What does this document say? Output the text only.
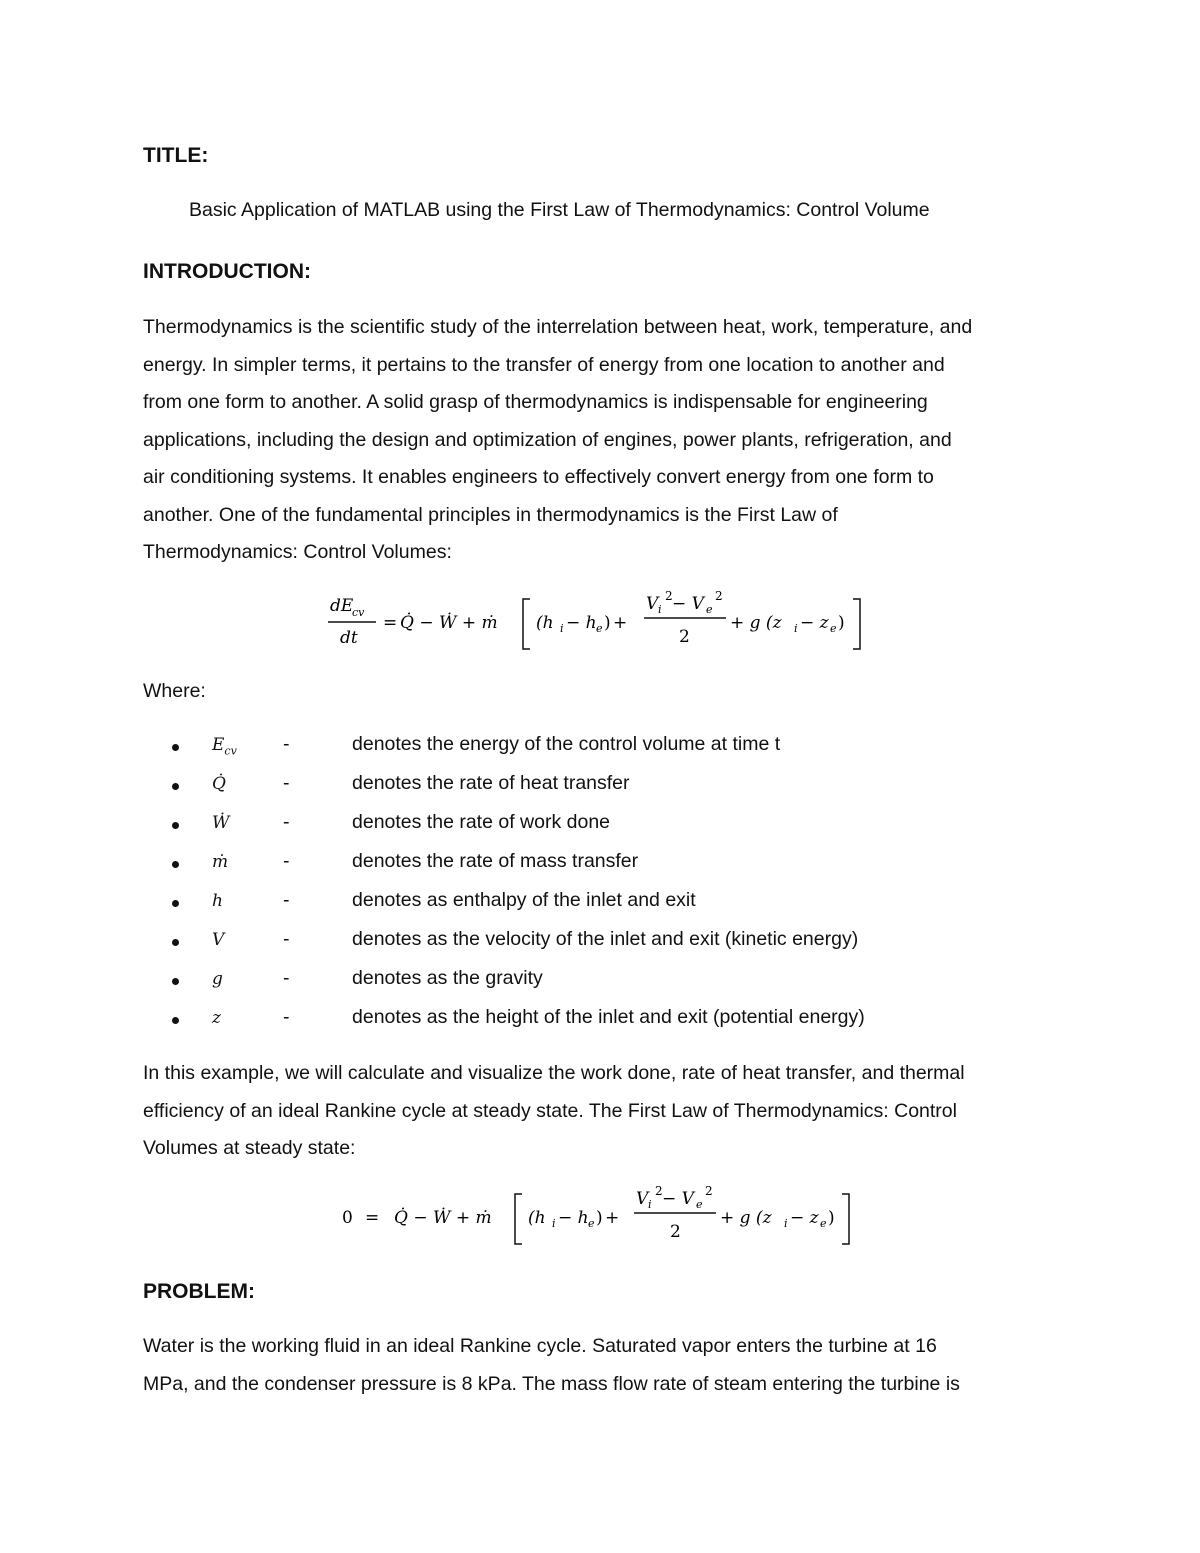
TITLE:
Basic Application of MATLAB using the First Law of Thermodynamics: Control Volume
INTRODUCTION:
Thermodynamics is the scientific study of the interrelation between heat, work, temperature, and
energy. In simpler terms, it pertains to the transfer of energy from one location to another and
from one form to another. A solid grasp of thermodynamics is indispensable for engineering
applications, including the design and optimization of engines, power plants, refrigeration, and
air conditioning systems. It enables engineers to effectively convert energy from one form to
another. One of the fundamental principles in thermodynamics is the First Law of
Thermodynamics: Control Volumes:
dE
cv
dt
= Q̇ − Ẇ + ṁ (h i − h e ) +
V i
2 − V e
2
2
+ g (z i − z e )
Where:
$E_{cv}$ -	denotes the energy of the control volume at time t
Q̇	-	denotes the rate of heat transfer
Ẇ	-	denotes the rate of work done
ṁ	-	denotes the rate of mass transfer
h	-	denotes as enthalpy of the inlet and exit
V	-	denotes as the velocity of the inlet and exit (kinetic energy)
g	-	denotes as the gravity
z	-	denotes as the height of the inlet and exit (potential energy)
In this example, we will calculate and visualize the work done, rate of heat transfer, and thermal
efficiency of an ideal Rankine cycle at steady state. The First Law of Thermodynamics: Control
Volumes at steady state:
0 = Q̇ − Ẇ + ṁ (h i − h e ) +
V i
2 − V e
2
2
+ g (z i − z e )
PROBLEM:
Water is the working fluid in an ideal Rankine cycle. Saturated vapor enters the turbine at 16
MPa, and the condenser pressure is 8 kPa. The mass flow rate of steam entering the turbine is
